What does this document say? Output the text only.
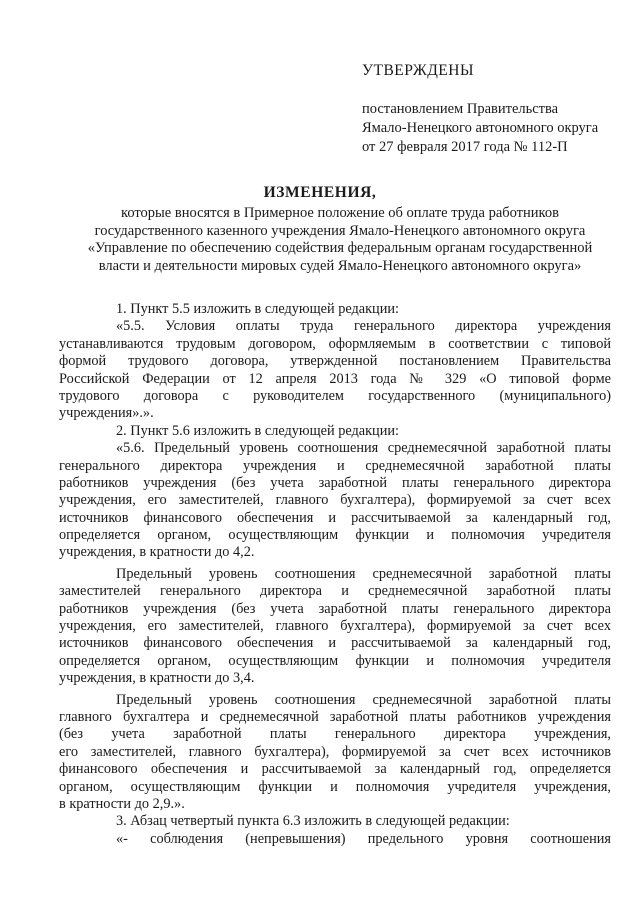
УТВЕРЖДЕНЫ
постановлением Правительства
Ямало-Ненецкого автономного округа
от 27 февраля 2017 года № 112-П
ИЗМЕНЕНИЯ,
которые вносятся в Примерное положение об оплате труда работников
государственного казенного учреждения Ямало-Ненецкого автономного округа
«Управление по обеспечению содействия федеральным органам государственной
власти и деятельности мировых судей Ямало-Ненецкого автономного округа»
1. Пункт 5.5 изложить в следующей редакции:
«5.5. Условия оплаты труда генерального директора учреждения
устанавливаются трудовым договором, оформляемым в соответствии с типовой
формой трудового договора, утвержденной постановлением Правительства
Российской Федерации от 12 апреля 2013 года № 329 «О типовой форме
трудового договора с руководителем государственного (муниципального)
учреждения».».
2. Пункт 5.6 изложить в следующей редакции:
«5.6. Предельный уровень соотношения среднемесячной заработной платы
генерального директора учреждения и среднемесячной заработной платы
работников учреждения (без учета заработной платы генерального директора
учреждения, его заместителей, главного бухгалтера), формируемой за счет всех
источников финансового обеспечения и рассчитываемой за календарный год,
определяется органом, осуществляющим функции и полномочия учредителя
учреждения, в кратности до 4,2.
Предельный уровень соотношения среднемесячной заработной платы
заместителей генерального директора и среднемесячной заработной платы
работников учреждения (без учета заработной платы генерального директора
учреждения, его заместителей, главного бухгалтера), формируемой за счет всех
источников финансового обеспечения и рассчитываемой за календарный год,
определяется органом, осуществляющим функции и полномочия учредителя
учреждения, в кратности до 3,4.
Предельный уровень соотношения среднемесячной заработной платы
главного бухгалтера и среднемесячной заработной платы работников учреждения
(без учета заработной платы генерального директора учреждения,
его заместителей, главного бухгалтера), формируемой за счет всех источников
финансового обеспечения и рассчитываемой за календарный год, определяется
органом, осуществляющим функции и полномочия учредителя учреждения,
в кратности до 2,9.».
3. Абзац четвертый пункта 6.3 изложить в следующей редакции:
«- соблюдения (непревышения) предельного уровня соотношения
